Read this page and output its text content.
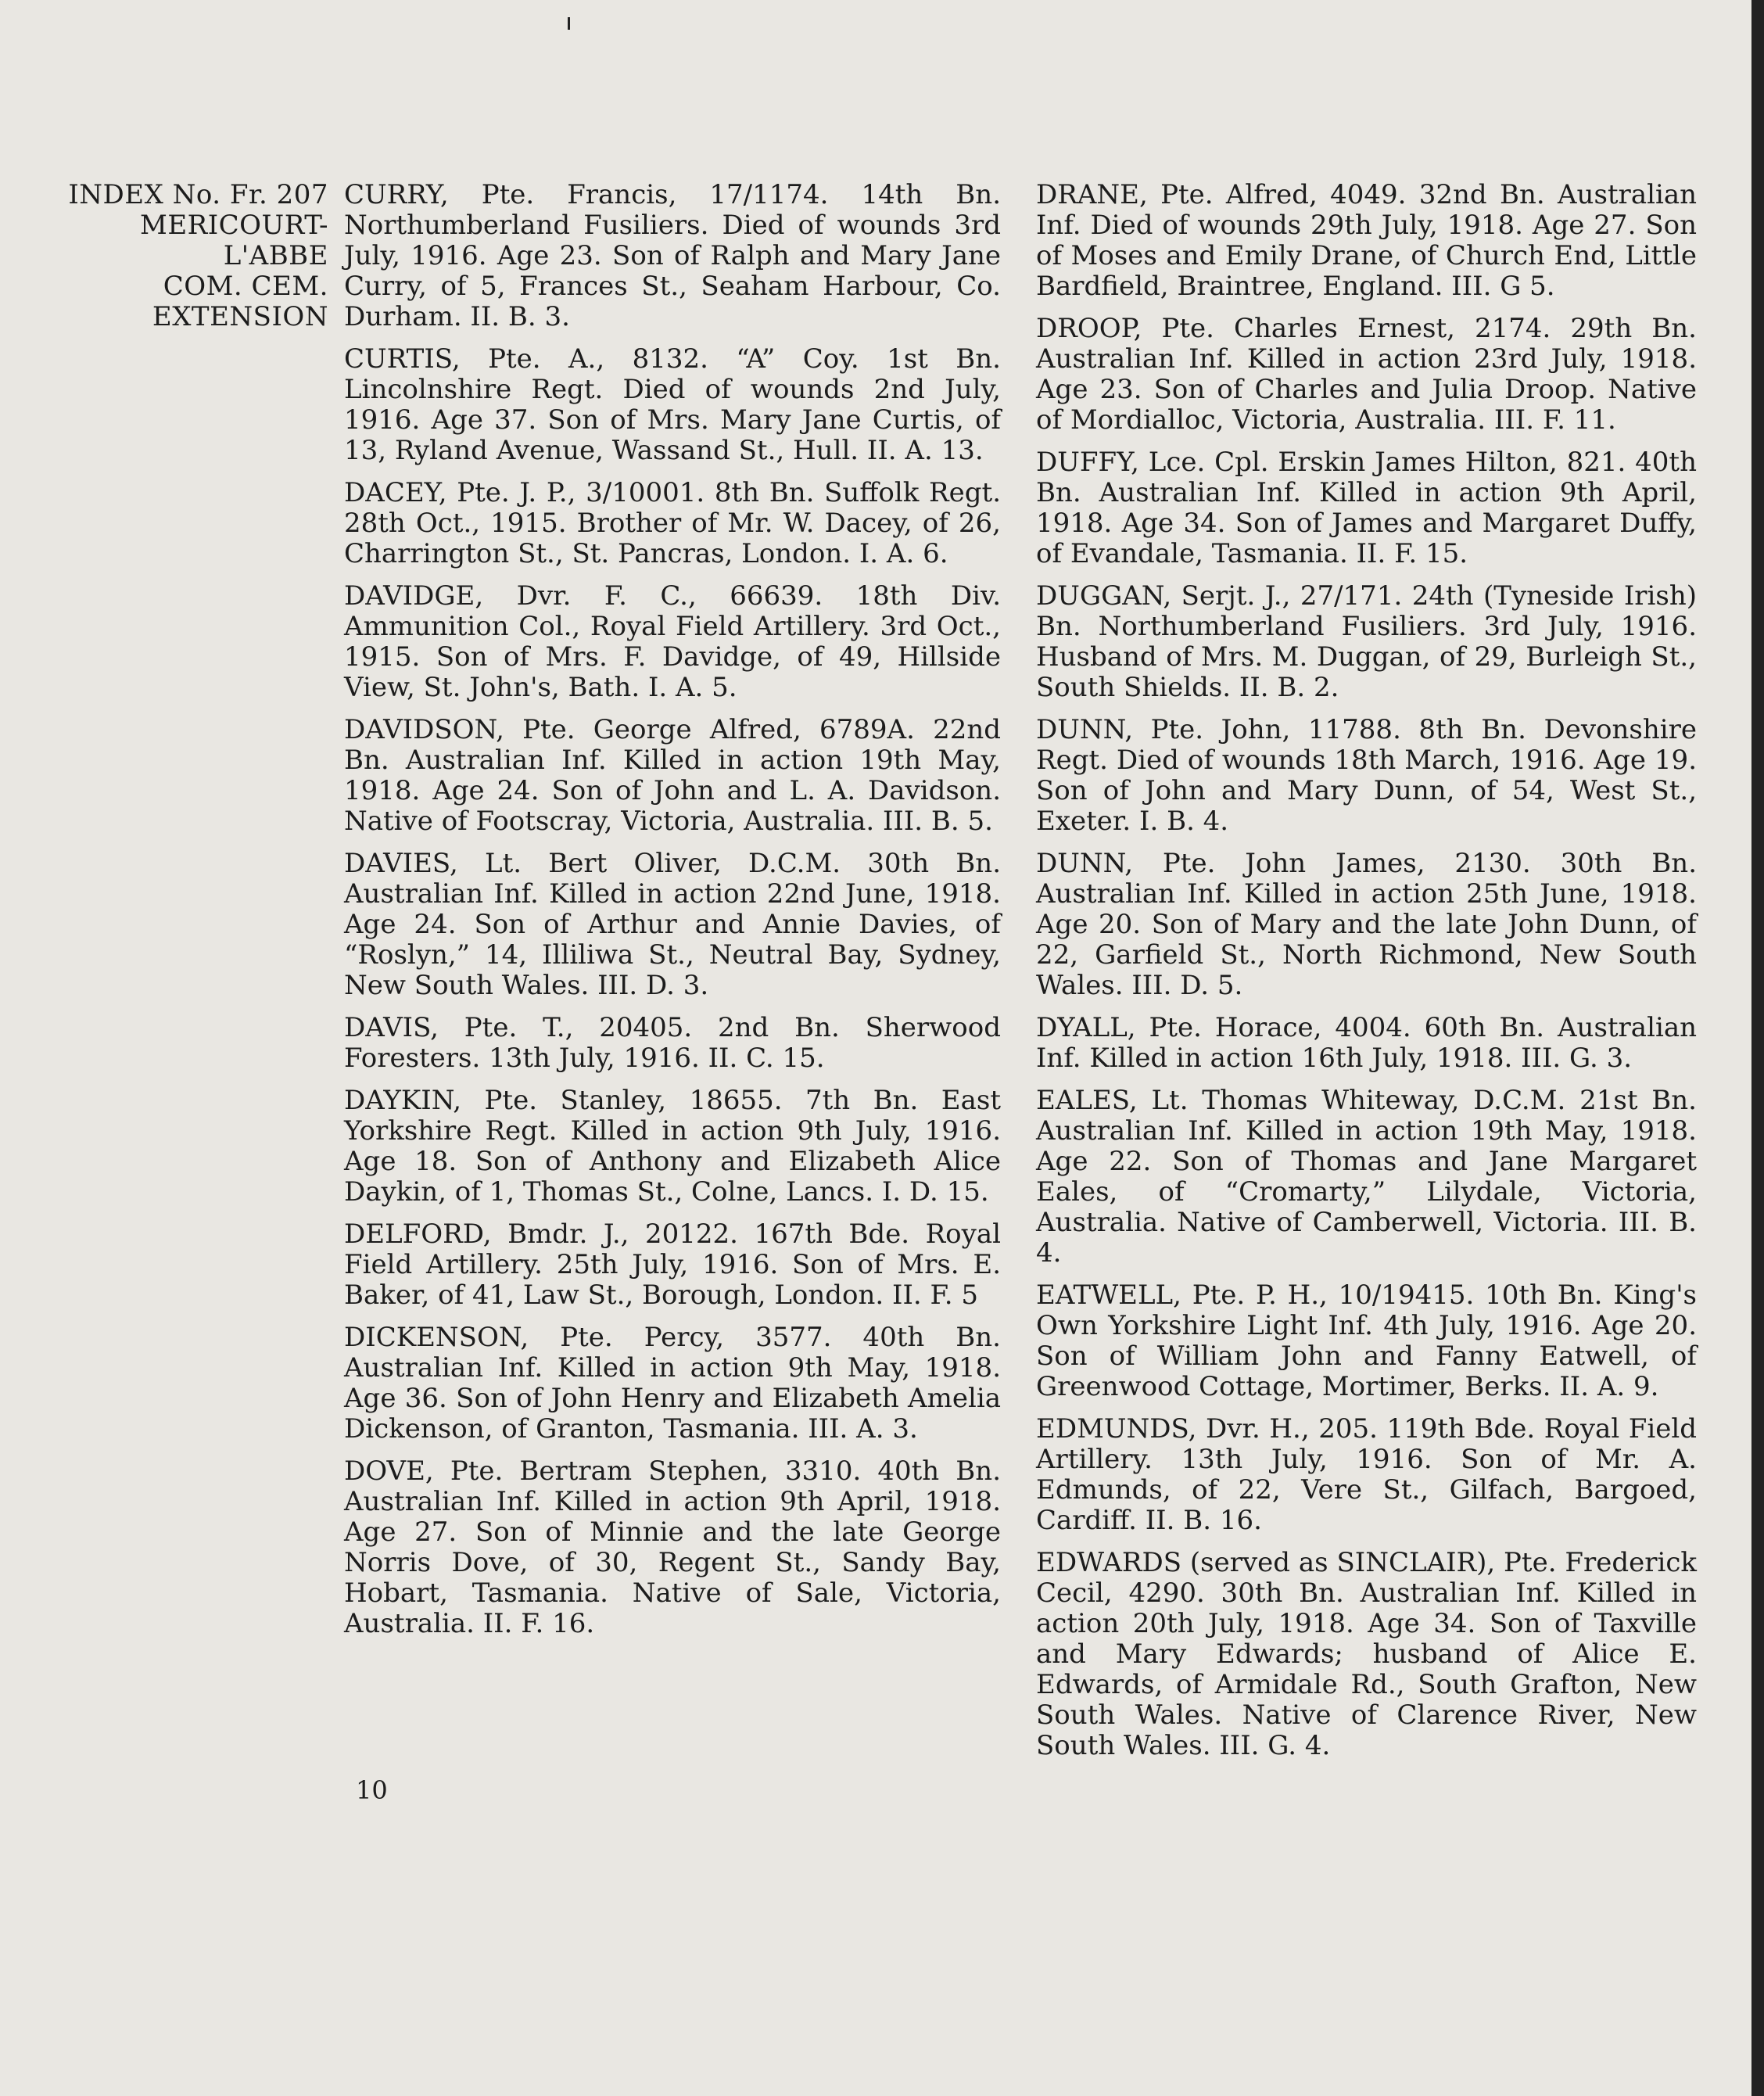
INDEX No. Fr. 207
MERICOURT-
L'ABBE
COM. CEM.
EXTENSION

CURRY, Pte. Francis, 17/1174. 14th Bn. Northumberland Fusiliers. Died of wounds 3rd July, 1916. Age 23. Son of Ralph and Mary Jane Curry, of 5, Frances St., Seaham Harbour, Co. Durham. II. B. 3.

CURTIS, Pte. A., 8132. “A” Coy. 1st Bn. Lincolnshire Regt. Died of wounds 2nd July, 1916. Age 37. Son of Mrs. Mary Jane Curtis, of 13, Ryland Avenue, Wassand St., Hull. II. A. 13.

DACEY, Pte. J. P., 3/10001. 8th Bn. Suffolk Regt. 28th Oct., 1915. Brother of Mr. W. Dacey, of 26, Charrington St., St. Pancras, London. I. A. 6.

DAVIDGE, Dvr. F. C., 66639. 18th Div. Ammunition Col., Royal Field Artillery. 3rd Oct., 1915. Son of Mrs. F. Davidge, of 49, Hillside View, St. John's, Bath. I. A. 5.

DAVIDSON, Pte. George Alfred, 6789A. 22nd Bn. Australian Inf. Killed in action 19th May, 1918. Age 24. Son of John and L. A. Davidson. Native of Footscray, Victoria, Australia. III. B. 5.

DAVIES, Lt. Bert Oliver, D.C.M. 30th Bn. Australian Inf. Killed in action 22nd June, 1918. Age 24. Son of Arthur and Annie Davies, of “Roslyn,” 14, Illiliwa St., Neutral Bay, Sydney, New South Wales. III. D. 3.

DAVIS, Pte. T., 20405. 2nd Bn. Sherwood Foresters. 13th July, 1916. II. C. 15.

DAYKIN, Pte. Stanley, 18655. 7th Bn. East Yorkshire Regt. Killed in action 9th July, 1916. Age 18. Son of Anthony and Elizabeth Alice Daykin, of 1, Thomas St., Colne, Lancs. I. D. 15.

DELFORD, Bmdr. J., 20122. 167th Bde. Royal Field Artillery. 25th July, 1916. Son of Mrs. E. Baker, of 41, Law St., Borough, London. II. F. 5

DICKENSON, Pte. Percy, 3577. 40th Bn. Australian Inf. Killed in action 9th May, 1918. Age 36. Son of John Henry and Elizabeth Amelia Dickenson, of Granton, Tasmania. III. A. 3.

DOVE, Pte. Bertram Stephen, 3310. 40th Bn. Australian Inf. Killed in action 9th April, 1918. Age 27. Son of Minnie and the late George Norris Dove, of 30, Regent St., Sandy Bay, Hobart, Tasmania. Native of Sale, Victoria, Australia. II. F. 16.

DRANE, Pte. Alfred, 4049. 32nd Bn. Australian Inf. Died of wounds 29th July, 1918. Age 27. Son of Moses and Emily Drane, of Church End, Little Bardfield, Braintree, England. III. G 5.

DROOP, Pte. Charles Ernest, 2174. 29th Bn. Australian Inf. Killed in action 23rd July, 1918. Age 23. Son of Charles and Julia Droop. Native of Mordialloc, Victoria, Australia. III. F. 11.

DUFFY, Lce. Cpl. Erskin James Hilton, 821. 40th Bn. Australian Inf. Killed in action 9th April, 1918. Age 34. Son of James and Margaret Duffy, of Evandale, Tasmania. II. F. 15.

DUGGAN, Serjt. J., 27/171. 24th (Tyneside Irish) Bn. Northumberland Fusiliers. 3rd July, 1916. Husband of Mrs. M. Duggan, of 29, Burleigh St., South Shields. II. B. 2.

DUNN, Pte. John, 11788. 8th Bn. Devonshire Regt. Died of wounds 18th March, 1916. Age 19. Son of John and Mary Dunn, of 54, West St., Exeter. I. B. 4.

DUNN, Pte. John James, 2130. 30th Bn. Australian Inf. Killed in action 25th June, 1918. Age 20. Son of Mary and the late John Dunn, of 22, Garfield St., North Richmond, New South Wales. III. D. 5.

DYALL, Pte. Horace, 4004. 60th Bn. Australian Inf. Killed in action 16th July, 1918. III. G. 3.

EALES, Lt. Thomas Whiteway, D.C.M. 21st Bn. Australian Inf. Killed in action 19th May, 1918. Age 22. Son of Thomas and Jane Margaret Eales, of “Cromarty,” Lilydale, Victoria, Australia. Native of Camberwell, Victoria. III. B. 4.

EATWELL, Pte. P. H., 10/19415. 10th Bn. King's Own Yorkshire Light Inf. 4th July, 1916. Age 20. Son of William John and Fanny Eatwell, of Greenwood Cottage, Mortimer, Berks. II. A. 9.

EDMUNDS, Dvr. H., 205. 119th Bde. Royal Field Artillery. 13th July, 1916. Son of Mr. A. Edmunds, of 22, Vere St., Gilfach, Bargoed, Cardiff. II. B. 16.

EDWARDS (served as SINCLAIR), Pte. Frederick Cecil, 4290. 30th Bn. Australian Inf. Killed in action 20th July, 1918. Age 34. Son of Taxville and Mary Edwards; husband of Alice E. Edwards, of Armidale Rd., South Grafton, New South Wales. Native of Clarence River, New South Wales. III. G. 4.

10
